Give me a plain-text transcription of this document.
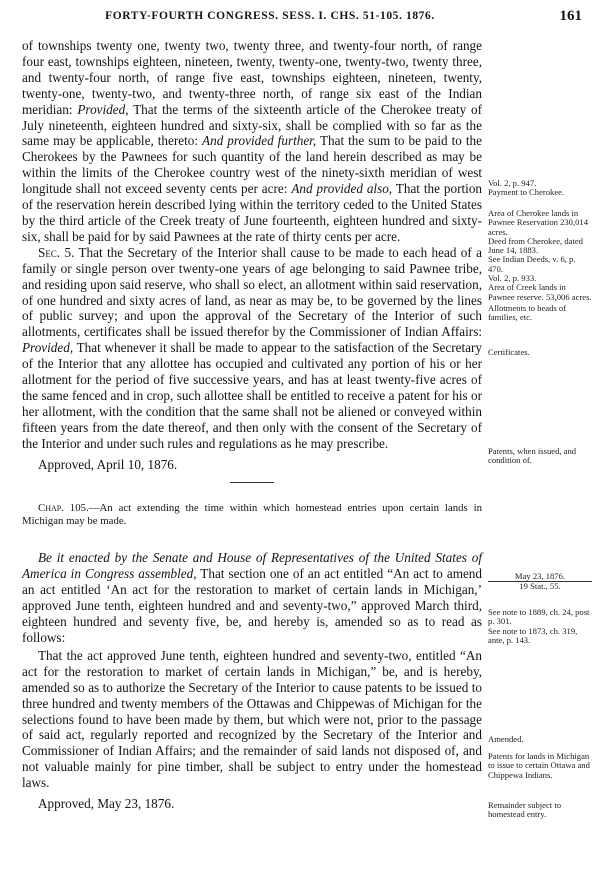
FORTY-FOURTH CONGRESS. SESS. I. CHS. 51-105. 1876.	161

of townships twenty one, twenty two, twenty three, and twenty-four north, of range four east, townships eighteen, nineteen, twenty, twenty-one, twenty-two, twenty three, and twenty-four north, of range five east, townships eighteen, nineteen, twenty, twenty-one, twenty-two, and twenty-three north, of range six east of the Indian meridian: Provided, That the terms of the sixteenth article of the Cherokee treaty of July nineteenth, eighteen hundred and sixty-six, shall be complied with so far as the same may be applicable, thereto: And provided further, That the sum to be paid to the Cherokees by the Pawnees for such quantity of the land herein described as may be within the limits of the Cherokee country west of the ninety-sixth meridian of west longitude shall not exceed seventy cents per acre: And provided also, That the portion of the reservation herein described lying within the territory ceded to the United States by the third article of the Creek treaty of June fourteenth, eighteen hundred and sixty-six, shall be paid for by said Pawnees at the rate of thirty cents per acre.

Sec. 5. That the Secretary of the Interior shall cause to be made to each head of a family or single person over twenty-one years of age belonging to said Pawnee tribe, and residing upon said reserve, who shall so elect, an allotment within said reservation, of one hundred and sixty acres of land, as near as may be, to be governed by the lines of public survey; and upon the approval of the Secretary of the Interior of such allotments, certificates shall be issued therefor by the Commissioner of Indian Affairs: Provided, That whenever it shall be made to appear to the satisfaction of the Secretary of the Interior that any allottee has occupied and cultivated any portion of his or her allotment for the period of five successive years, and has at least twenty-five acres of the same fenced and in crop, such allottee shall be entitled to receive a patent for his or her allotment, with the condition that the same shall not be aliened or conveyed within fifteen years from the date thereof, and then only with the consent of the Secretary of the Interior and under such rules and regulations as he may prescribe.

Approved, April 10, 1876.

Chap. 105.—An act extending the time within which homestead entries upon certain lands in Michigan may be made.

Be it enacted by the Senate and House of Representatives of the United States of America in Congress assembled, That section one of an act entitled “An act to amend an act entitled ‘An act for the restoration to market of certain lands in Michigan,’ approved June tenth, eighteen hundred and and seventy-two,” approved March third, eighteen hundred and seventy five, be, and hereby is, amended so as to read as follows:

That the act approved June tenth, eighteen hundred and seventy-two, entitled “An act for the restoration to market of certain lands in Michigan,” be, and is hereby, amended so as to authorize the Secretary of the Interior to cause patents to be issued to three hundred and twenty members of the Ottawas and Chippewas of Michigan for the selections found to have been made by them, but which were not, prior to the passage of said act, regularly reported and recognized by the Secretary of the Interior and Commissioner of Indian Affairs; and the remainder of said lands not disposed of, and not valuable mainly for pine timber, shall be subject to entry under the homestead laws.

Approved, May 23, 1876.

Vol. 2, p. 947.
Payment to Cherokee.
Area of Cherokee lands in Pawnee Reservation 230,014 acres.
Deed from Cherokee, dated June 14, 1883.
See Indian Deeds, v. 6, p. 470.
Vol. 2, p. 933.
Area of Creek lands in Pawnee reserve. 53,006 acres.
Allotments to heads of families, etc.
Certificates.
Patents, when issued, and condition of.
May 23, 1876.
19 Stat., 55.
See note to 1889, ch. 24, post p. 301.
See note to 1873, ch. 319, ante, p. 143.
Amended.
Patents for lands in Michigan to issue to certain Ottawa and Chippewa Indians.
Remainder subject to homestead entry.
